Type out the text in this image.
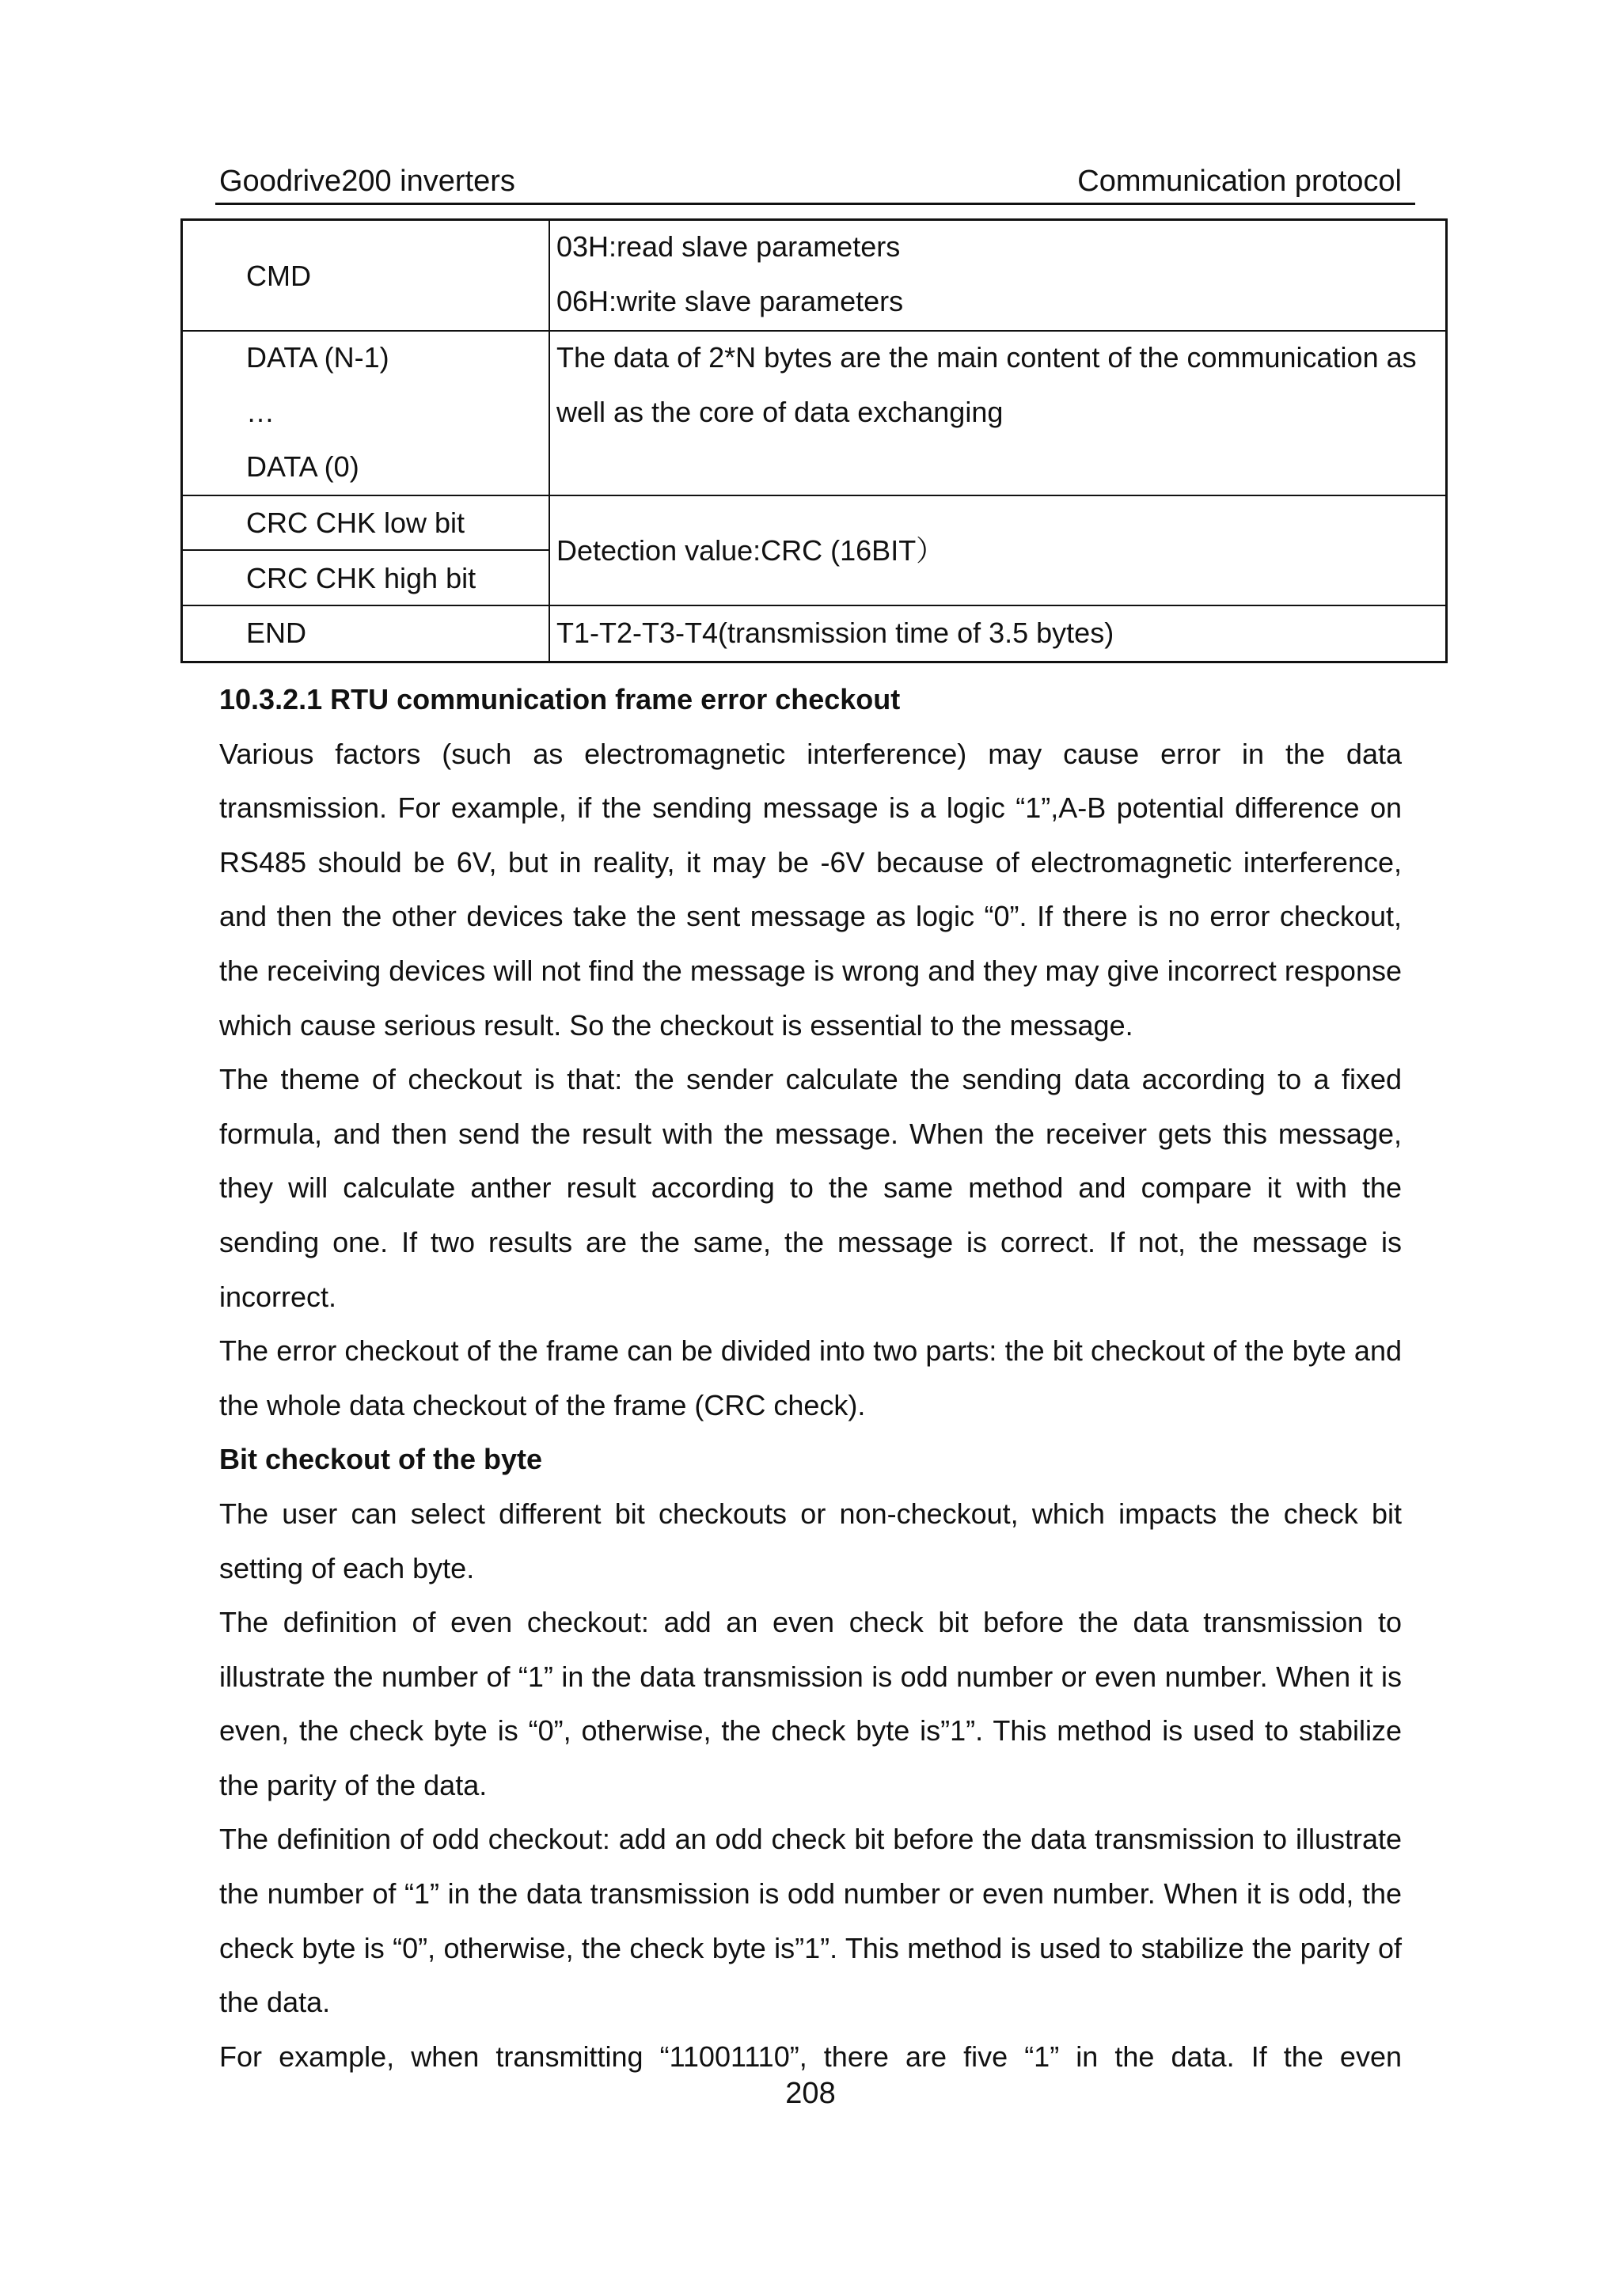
Goodrive200 inverters	Communication protocol
CMD
03H:read slave parameters
06H:write slave parameters
DATA (N-1)
…
DATA (0)
The data of 2*N bytes are the main content of the communication as
well as the core of data exchanging
CRC CHK low bit
CRC CHK high bit
Detection value:CRC (16BIT）
END	T1-T2-T3-T4(transmission time of 3.5 bytes)
10.3.2.1 RTU communication frame error checkout

Various factors (such as electromagnetic interference) may cause error in the data transmission. For example, if the sending message is a logic “1”,A-B potential difference on RS485 should be 6V, but in reality, it may be -6V because of electromagnetic interference, and then the other devices take the sent message as logic “0”. If there is no error checkout, the receiving devices will not find the message is wrong and they may give incorrect response which cause serious result. So the checkout is essential to the message.

The theme of checkout is that: the sender calculate the sending data according to a fixed formula, and then send the result with the message. When the receiver gets this message, they will calculate anther result according to the same method and compare it with the sending one. If two results are the same, the message is correct. If not, the message is incorrect.

The error checkout of the frame can be divided into two parts: the bit checkout of the byte and the whole data checkout of the frame (CRC check).

Bit checkout of the byte

The user can select different bit checkouts or non-checkout, which impacts the check bit setting of each byte.

The definition of even checkout: add an even check bit before the data transmission to illustrate the number of “1” in the data transmission is odd number or even number. When it is even, the check byte is “0”, otherwise, the check byte is”1”. This method is used to stabilize the parity of the data.

The definition of odd checkout: add an odd check bit before the data transmission to illustrate the number of “1” in the data transmission is odd number or even number. When it is odd, the check byte is “0”, otherwise, the check byte is”1”. This method is used to stabilize the parity of the data.

For example, when transmitting “11001110”, there are five “1” in the data. If the even

208
